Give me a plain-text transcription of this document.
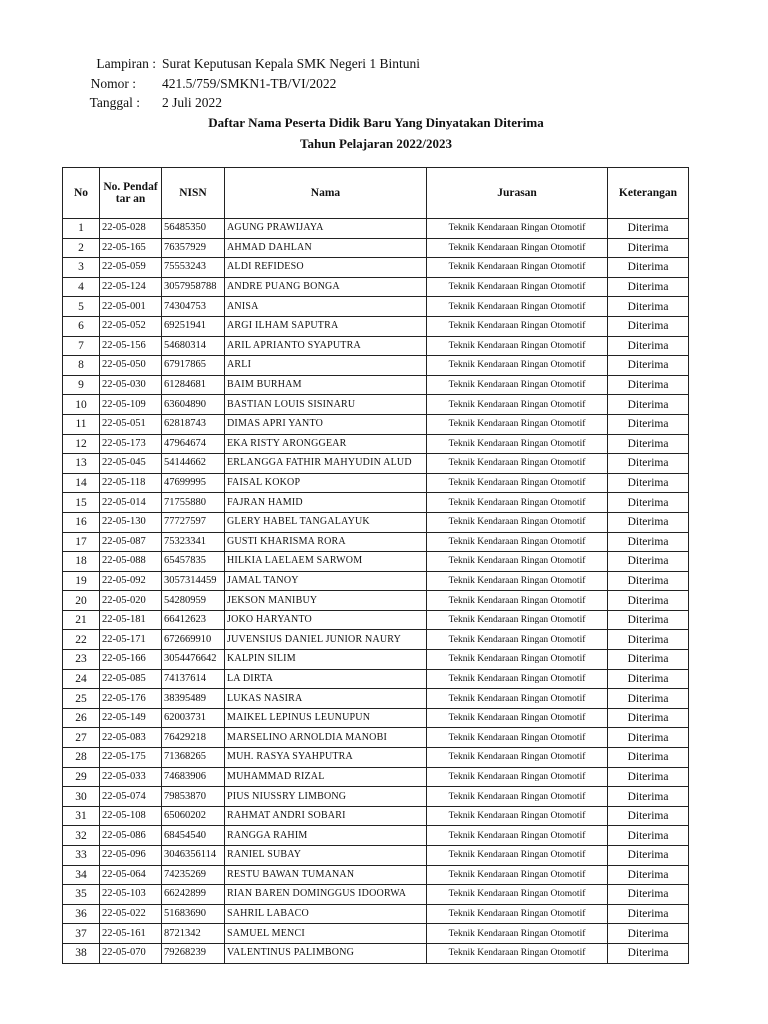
Lampiran : Surat Keputusan Kepala SMK Negeri 1 Bintuni
Nomor : 421.5/759/SMKN1-TB/VI/2022
Tanggal : 2 Juli 2022
Daftar Nama Peserta Didik Baru Yang Dinyatakan Diterima
Tahun Pelajaran 2022/2023
No	No. Pendaftar an	NISN	Nama	Jurasan	Keterangan
1	22-05-028	56485350	AGUNG PRAWIJAYA	Teknik Kendaraan Ringan Otomotif	Diterima
2	22-05-165	76357929	AHMAD DAHLAN	Teknik Kendaraan Ringan Otomotif	Diterima
3	22-05-059	75553243	ALDI REFIDESO	Teknik Kendaraan Ringan Otomotif	Diterima
4	22-05-124	3057958788	ANDRE PUANG BONGA	Teknik Kendaraan Ringan Otomotif	Diterima
5	22-05-001	74304753	ANISA	Teknik Kendaraan Ringan Otomotif	Diterima
6	22-05-052	69251941	ARGI ILHAM SAPUTRA	Teknik Kendaraan Ringan Otomotif	Diterima
7	22-05-156	54680314	ARIL APRIANTO SYAPUTRA	Teknik Kendaraan Ringan Otomotif	Diterima
8	22-05-050	67917865	ARLI	Teknik Kendaraan Ringan Otomotif	Diterima
9	22-05-030	61284681	BAIM BURHAM	Teknik Kendaraan Ringan Otomotif	Diterima
10	22-05-109	63604890	BASTIAN LOUIS SISINARU	Teknik Kendaraan Ringan Otomotif	Diterima
11	22-05-051	62818743	DIMAS APRI YANTO	Teknik Kendaraan Ringan Otomotif	Diterima
12	22-05-173	47964674	EKA RISTY ARONGGEAR	Teknik Kendaraan Ringan Otomotif	Diterima
13	22-05-045	54144662	ERLANGGA FATHIR MAHYUDIN ALUD	Teknik Kendaraan Ringan Otomotif	Diterima
14	22-05-118	47699995	FAISAL KOKOP	Teknik Kendaraan Ringan Otomotif	Diterima
15	22-05-014	71755880	FAJRAN HAMID	Teknik Kendaraan Ringan Otomotif	Diterima
16	22-05-130	77727597	GLERY HABEL TANGALAYUK	Teknik Kendaraan Ringan Otomotif	Diterima
17	22-05-087	75323341	GUSTI KHARISMA RORA	Teknik Kendaraan Ringan Otomotif	Diterima
18	22-05-088	65457835	HILKIA LAELAEM SARWOM	Teknik Kendaraan Ringan Otomotif	Diterima
19	22-05-092	3057314459	JAMAL TANOY	Teknik Kendaraan Ringan Otomotif	Diterima
20	22-05-020	54280959	JEKSON MANIBUY	Teknik Kendaraan Ringan Otomotif	Diterima
21	22-05-181	66412623	JOKO HARYANTO	Teknik Kendaraan Ringan Otomotif	Diterima
22	22-05-171	672669910	JUVENSIUS DANIEL JUNIOR NAURY	Teknik Kendaraan Ringan Otomotif	Diterima
23	22-05-166	3054476642	KALPIN SILIM	Teknik Kendaraan Ringan Otomotif	Diterima
24	22-05-085	74137614	LA DIRTA	Teknik Kendaraan Ringan Otomotif	Diterima
25	22-05-176	38395489	LUKAS NASIRA	Teknik Kendaraan Ringan Otomotif	Diterima
26	22-05-149	62003731	MAIKEL LEPINUS LEUNUPUN	Teknik Kendaraan Ringan Otomotif	Diterima
27	22-05-083	76429218	MARSELINO ARNOLDIA MANOBI	Teknik Kendaraan Ringan Otomotif	Diterima
28	22-05-175	71368265	MUH. RASYA SYAHPUTRA	Teknik Kendaraan Ringan Otomotif	Diterima
29	22-05-033	74683906	MUHAMMAD RIZAL	Teknik Kendaraan Ringan Otomotif	Diterima
30	22-05-074	79853870	PIUS NIUSSRY LIMBONG	Teknik Kendaraan Ringan Otomotif	Diterima
31	22-05-108	65060202	RAHMAT ANDRI SOBARI	Teknik Kendaraan Ringan Otomotif	Diterima
32	22-05-086	68454540	RANGGA RAHIM	Teknik Kendaraan Ringan Otomotif	Diterima
33	22-05-096	3046356114	RANIEL SUBAY	Teknik Kendaraan Ringan Otomotif	Diterima
34	22-05-064	74235269	RESTU BAWAN TUMANAN	Teknik Kendaraan Ringan Otomotif	Diterima
35	22-05-103	66242899	RIAN BAREN DOMINGGUS IDOORWA	Teknik Kendaraan Ringan Otomotif	Diterima
36	22-05-022	51683690	SAHRIL LABACO	Teknik Kendaraan Ringan Otomotif	Diterima
37	22-05-161	8721342	SAMUEL MENCI	Teknik Kendaraan Ringan Otomotif	Diterima
38	22-05-070	79268239	VALENTINUS PALIMBONG	Teknik Kendaraan Ringan Otomotif	Diterima
